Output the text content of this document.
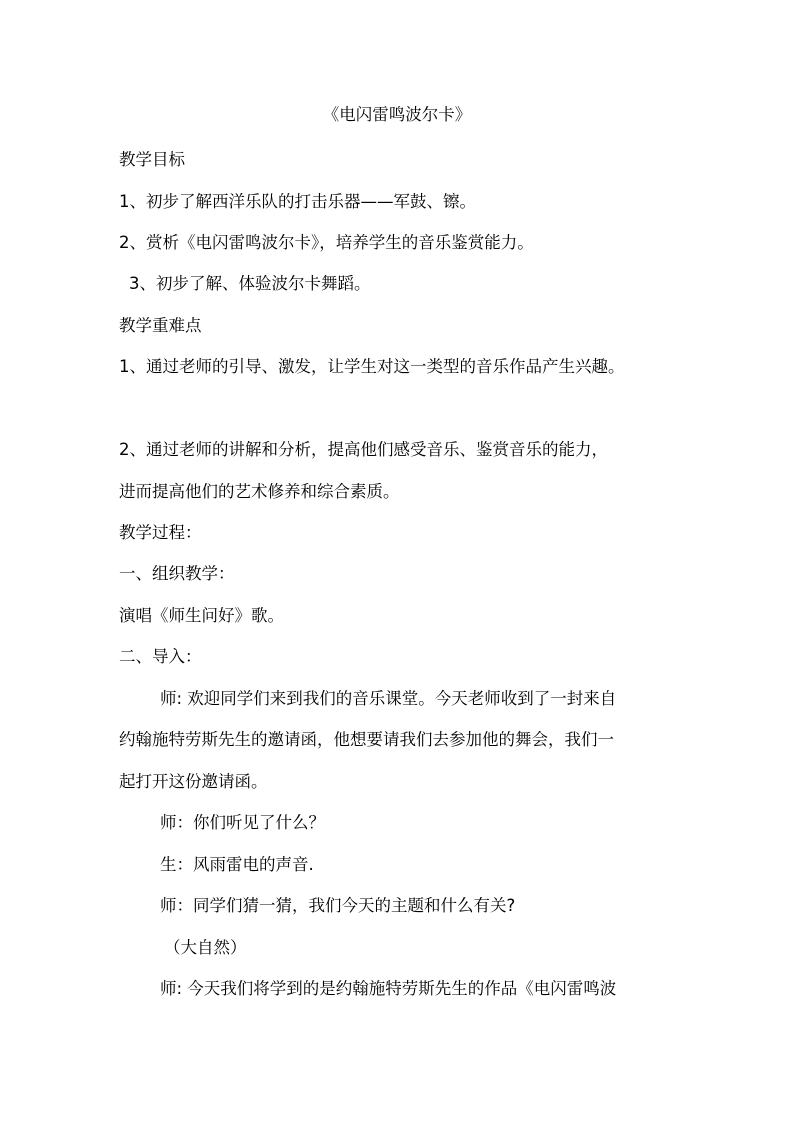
《电闪雷鸣波尔卡》

教学目标

1、初步了解西洋乐队的打击乐器——军鼓、镲。

2、赏析《电闪雷鸣波尔卡》，培养学生的音乐鉴赏能力。

3、初步了解、体验波尔卡舞蹈。

教学重难点

1、通过老师的引导、激发，让学生对这一类型的音乐作品产生兴趣。

2、通过老师的讲解和分析，提高他们感受音乐、鉴赏音乐的能力，

进而提高他们的艺术修养和综合素质。

教学过程：

一、组织教学：

演唱《师生问好》歌。

二、导入：

师: 欢迎同学们来到我们的音乐课堂。今天老师收到了一封来自

约翰施特劳斯先生的邀请函，他想要请我们去参加他的舞会，我们一

起打开这份邀请函。

师：你们听见了什么？

生：风雨雷电的声音.

师：同学们猜一猜，我们今天的主题和什么有关?

（大自然）

师: 今天我们将学到的是约翰施特劳斯先生的作品《电闪雷鸣波
